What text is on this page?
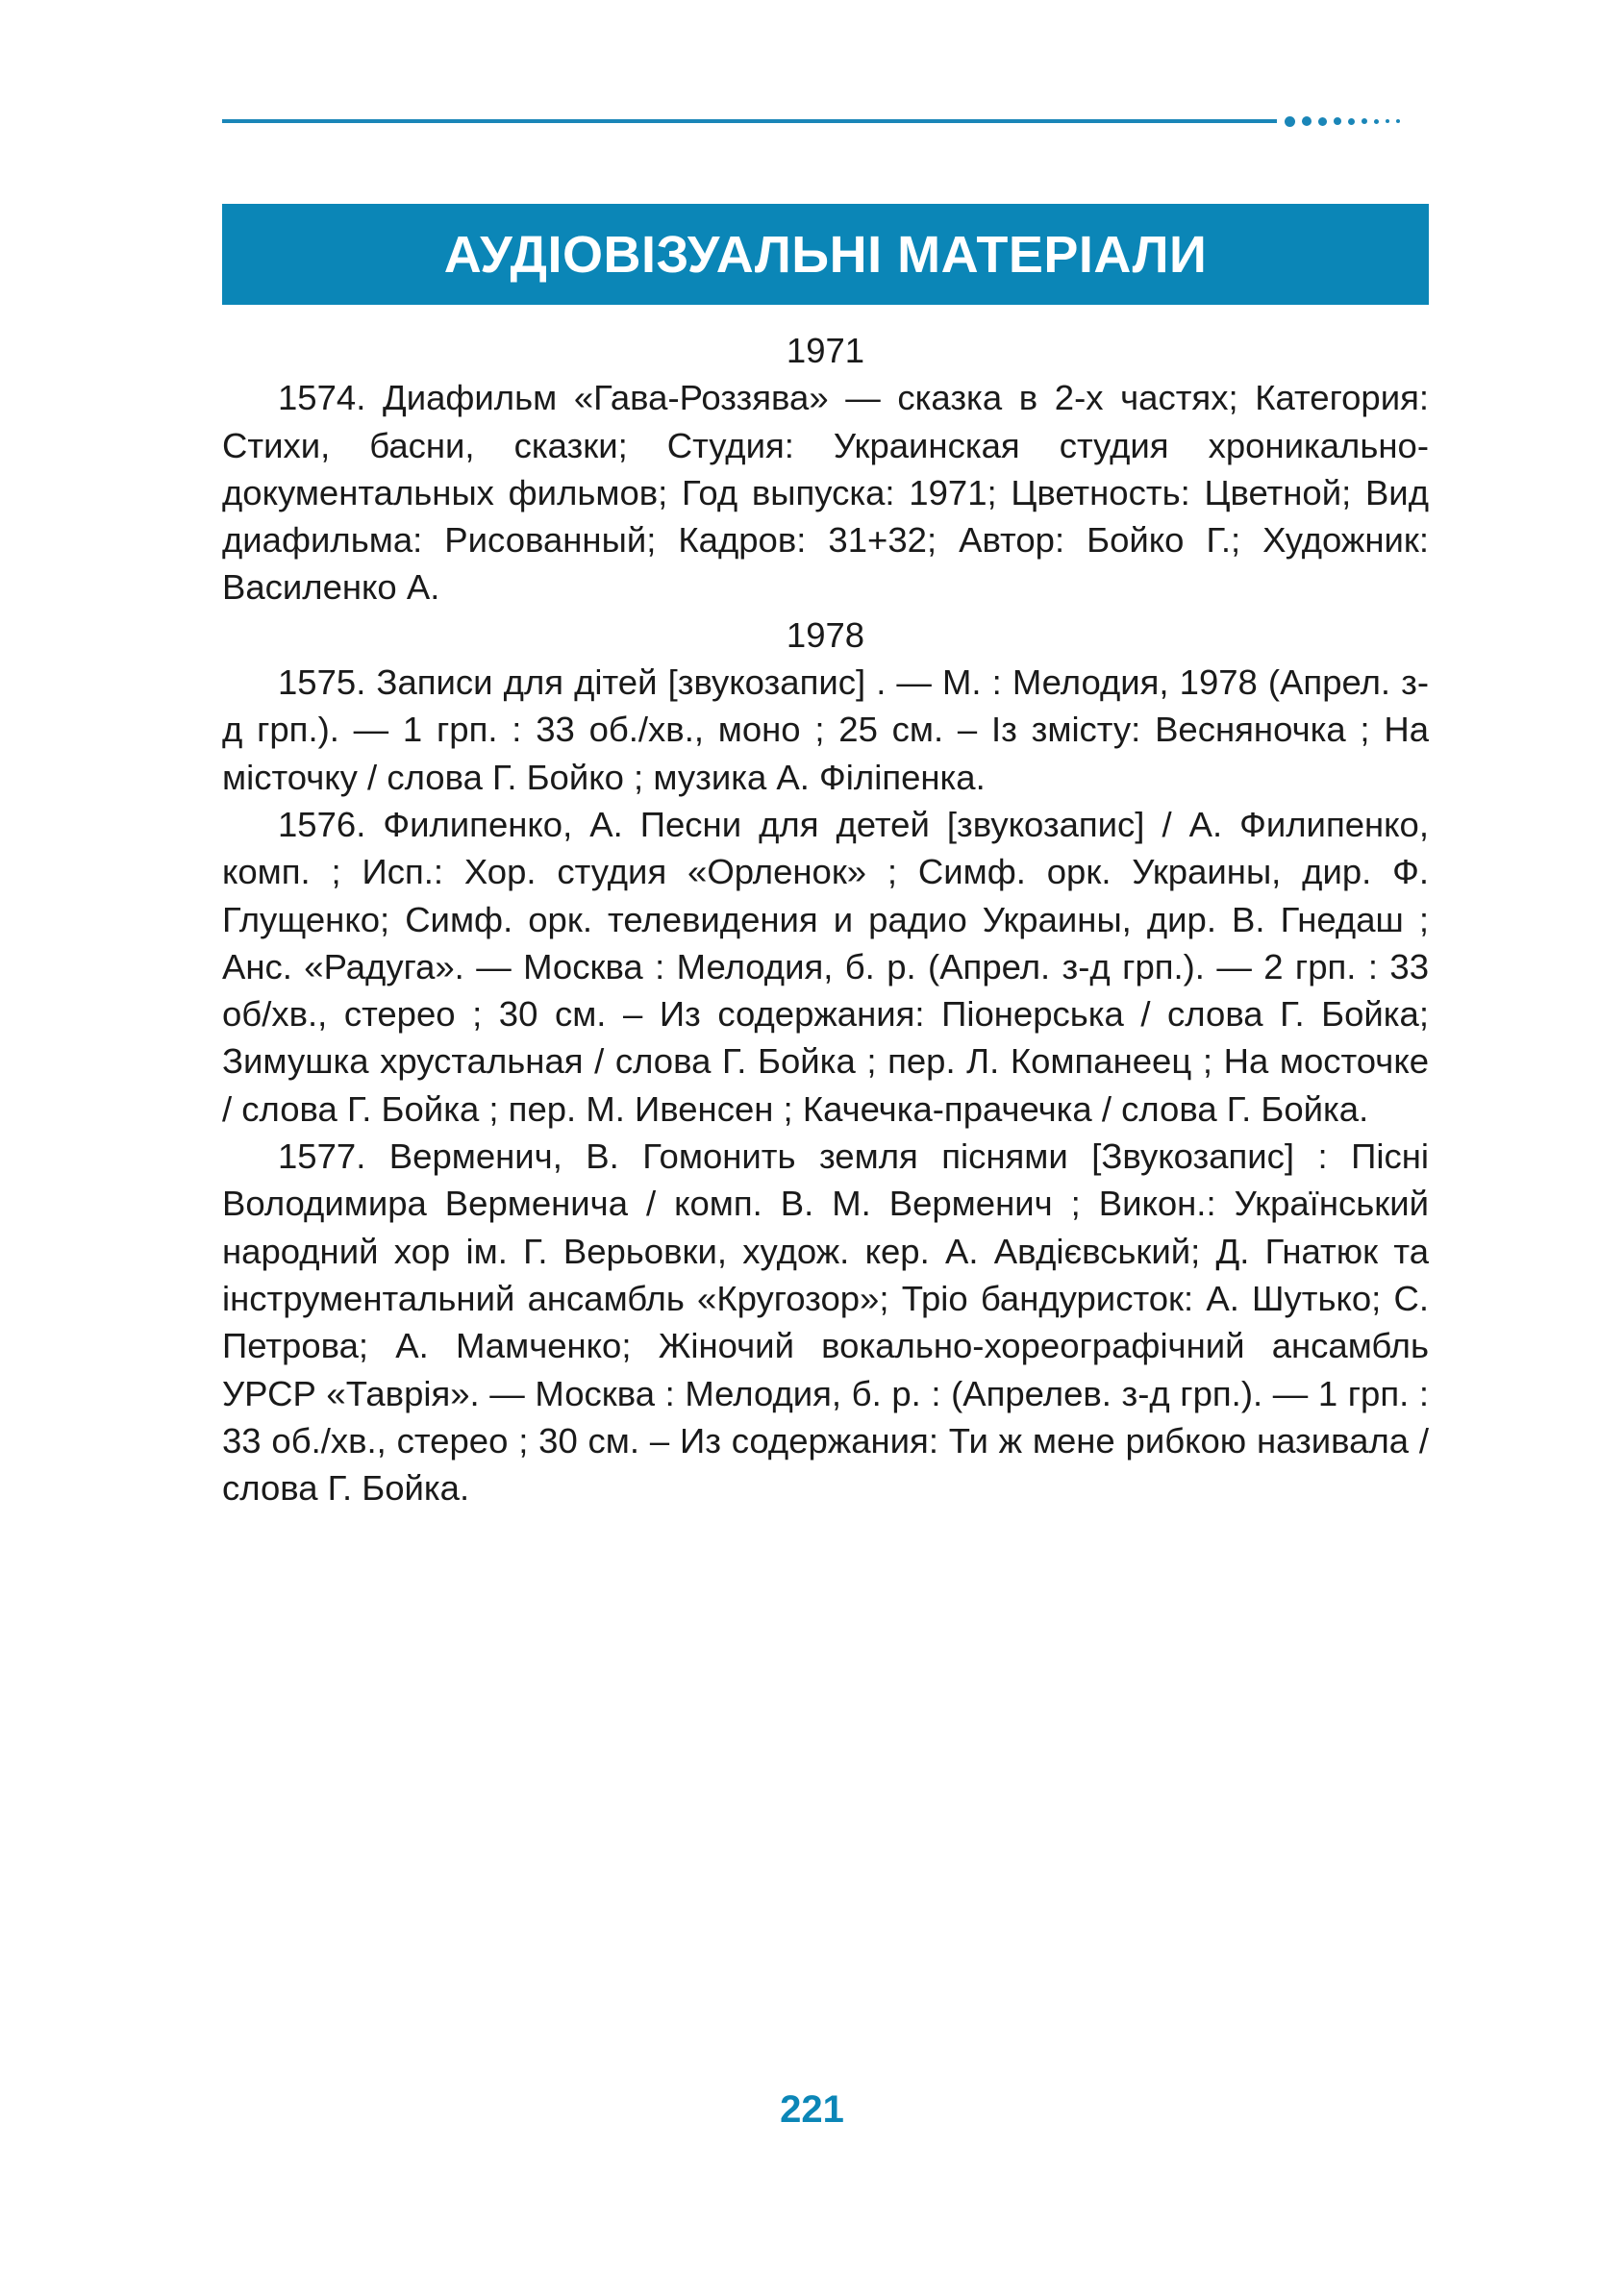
АУДІОВІЗУАЛЬНІ МАТЕРІАЛИ

1971

1574. Диафильм «Гава-Роззява» — сказка в 2-х частях; Категория: Стихи, басни, сказки; Студия: Украинская студия хроникально-документальных фильмов; Год выпуска: 1971; Цветность: Цветной; Вид диафильма: Рисованный; Кадров: 31+32; Автор: Бойко Г.; Художник: Василенко А.

1978

1575. Записи для дітей [звукозапис] . — М. : Мелодия, 1978 (Апрел. з-д грп.). — 1 грп. : 33 об./хв., моно ; 25 см. – Із змісту: Весняночка ; На місточку / слова Г. Бойко ; музика А. Філіпенка.

1576. Филипенко, А. Песни для детей [звукозапис] / А. Филипенко, комп. ; Исп.: Хор. студия «Орленок» ; Симф. орк. Украины, дир. Ф. Глущенко; Симф. орк. телевидения и радио Украины, дир. В. Гнедаш ; Анс. «Радуга». — Москва : Мелодия, б. р. (Апрел. з-д грп.). — 2 грп. : 33 об/хв., стерео ; 30 см. – Из содержания: Піонерська / слова Г. Бойка; Зимушка хрустальная / слова Г. Бойка ; пер. Л. Компанеец ; На мосточке / слова Г. Бойка ; пер. М. Ивенсен ; Качечка-прачечка / слова Г. Бойка.

1577. Верменич, В. Гомонить земля піснями [Звукозапис] : Пісні Володимира Верменича / комп. В. М. Верменич ; Викон.: Український народний хор ім. Г. Верьовки, худож. кер. А. Авдієвський; Д. Гнатюк та інструментальний ансамбль «Кругозор»; Тріо бандуристок: А. Шутько; С. Петрова; А. Мамченко; Жіночий вокально-хореографічний ансамбль УРСР «Таврія». — Москва : Мелодия, б. р. : (Апрелев. з-д грп.). — 1 грп. : 33 об./хв., стерео ; 30 см. – Из содержания: Ти ж мене рибкою називала / слова Г. Бойка.

221
